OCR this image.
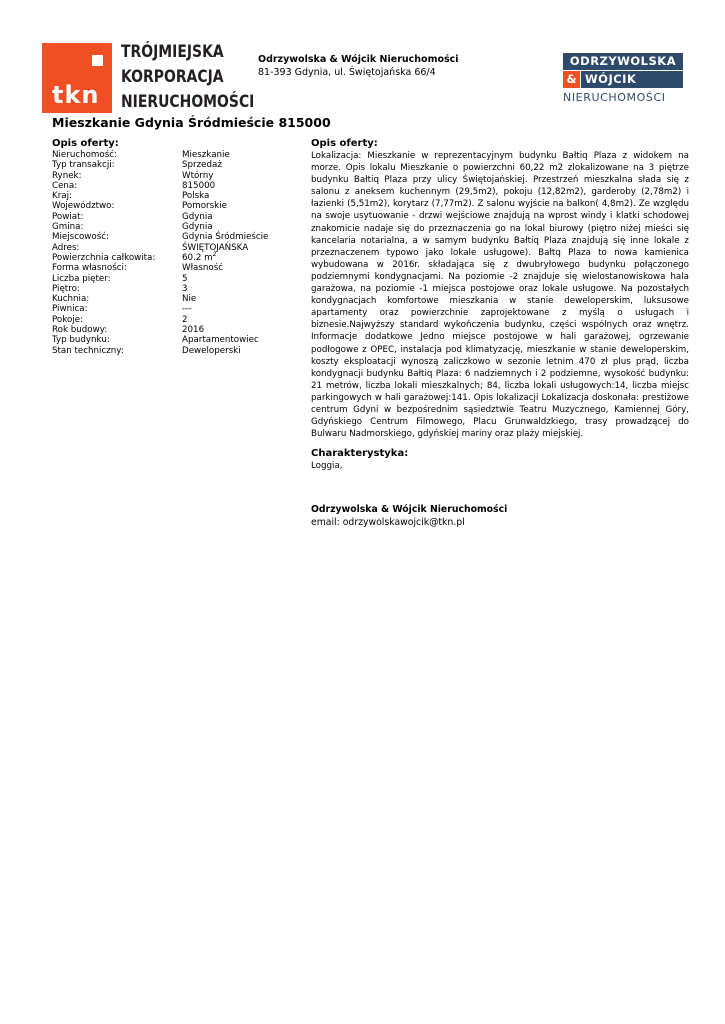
tkn
TRÓJMIEJSKA
KORPORACJA
NIERUCHOMOŚCI
Odrzywolska & Wójcik Nieruchomości
81-393 Gdynia, ul. Świętojańska 66/4
ODRZYWOLSKA
& WÓJCIK
NIERUCHOMOŚCI
Mieszkanie Gdynia Śródmieście 815000
Opis oferty:
Nieruchomość:	Mieszkanie
Typ transakcji:	Sprzedaż
Rynek:	Wtórny
Cena:	815000
Kraj:	Polska
Województwo:	Pomorskie
Powiat:	Gdynia
Gmina:	Gdynia
Miejscowość:	Gdynia Śródmieście
Adres:	ŚWIĘTOJAŃSKA
Powierzchnia całkowita:	60.2 $m^2$
Forma własności:	Własność
Liczba pięter:	5
Piętro:	3
Kuchnia:	Nie
Piwnica:	---
Pokoje:	2
Rok budowy:	2016
Typ budynku:	Apartamentowiec
Stan techniczny:	Deweloperski
Opis oferty:

Lokalizacja: Mieszkanie w reprezentacyjnym budynku Bałtiq Plaza z widokem na morze. Opis lokalu Mieszkanie o powierzchni 60,22 m2 zlokalizowane na 3 piętrze budynku Bałtiq Plaza przy ulicy Świętojańskiej. Przestrzeń mieszkalna słada się z salonu z aneksem kuchennym (29,5m2), pokoju (12,82m2), garderoby (2,78m2) i łazienki (5,51m2), korytarz (7,77m2). Z salonu wyjście na balkon( 4,8m2). Ze względu na swoje usytuowanie - drzwi wejściowe znajdują na wprost windy i klatki schodowej znakomicie nadaje się do przeznaczenia go na lokal biurowy (piętro niżej mieści się kancelaria notarialna, a w samym budynku Bałtiq Plaza znajdują się inne lokale z przeznaczenem typowo jako lokale usługowe). Bałtq Plaza to nowa kamienica wybudowana w 2016r. składająca się z dwubryłowego budynku połączonego podziemnymi kondygnacjami. Na poziomie -2 znajduje się wielostanowiskowa hala garażowa, na poziomie -1 miejsca postojowe oraz lokale usługowe. Na pozostałych kondygnacjach komfortowe mieszkania w stanie deweloperskim, luksusowe apartamenty oraz powierzchnie zaprojektowane z myślą o usługach i biznesie.Najwyższy standard wykończenia budynku, części wspólnych oraz wnętrz. Informacje dodatkowe Jedno miejsce postojowe w hali garażowej, ogrzewanie podłogowe z OPEC, instalacja pod klimatyzację, mieszkanie w stanie deweloperskim, koszty eksploatacji wynoszą zaliczkowo w sezonie letnim 470 zł plus prąd, liczba kondygnacji budynku Bałtiq Plaza: 6 nadziemnych i 2 podziemne, wysokość budynku: 21 metrów, liczba lokali mieszkalnych; 84, liczba lokali usługowych:14, liczba miejsc parkingowych w hali garażowej:141. Opis lokalizacji Lokalizacja doskonała: prestiżowe centrum Gdyni w bezpośrednim sąsiedztwie Teatru Muzycznego, Kamiennej Góry, Gdyńskiego Centrum Filmowego, Placu Grunwaldzkiego, trasy prowadzącej do Bulwaru Nadmorskiego, gdyńskiej mariny oraz plaży miejskiej.

Charakterystyka:
Loggia,
Odrzywolska & Wójcik Nieruchomości
email: odrzywolskawojcik@tkn.pl
